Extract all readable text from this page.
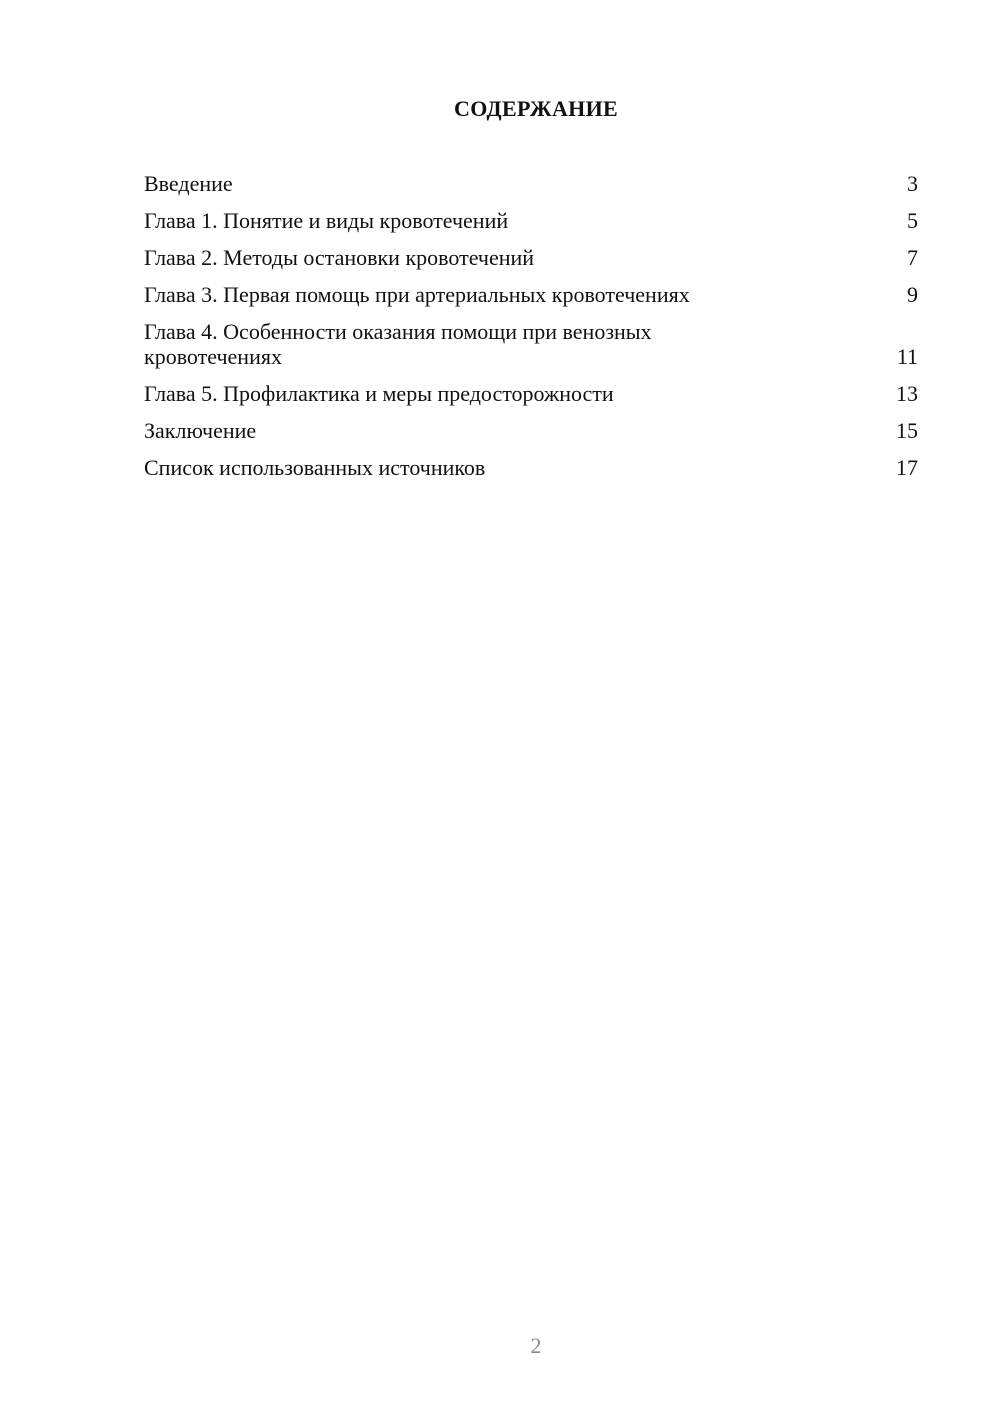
СОДЕРЖАНИЕ
Введение	3
Глава 1. Понятие и виды кровотечений	5
Глава 2. Методы остановки кровотечений	7
Глава 3. Первая помощь при артериальных кровотечениях	9
Глава 4. Особенности оказания помощи при венозных
кровотечениях	11
Глава 5. Профилактика и меры предосторожности	13
Заключение	15
Список использованных источников	17
2
